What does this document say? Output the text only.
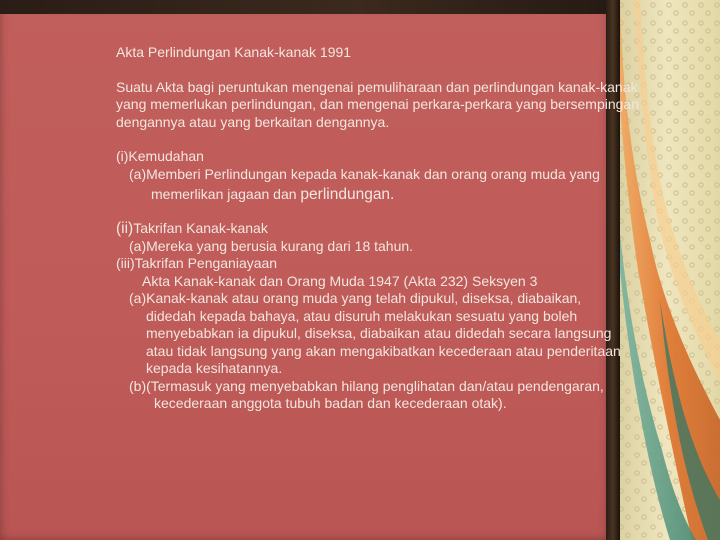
Akta Perlindungan Kanak-kanak 1991
Suatu Akta bagi peruntukan mengenai pemuliharaan dan perlindungan kanak-kanak
yang memerlukan perlindungan, dan mengenai perkara-perkara yang bersempingan
dengannya atau yang berkaitan dengannya.
(i)Kemudahan
(a)Memberi Perlindungan kepada kanak-kanak dan orang orang muda yang
memerlikan jagaan dan perlindungan.
(ii)Takrifan Kanak-kanak
(a)Mereka yang berusia kurang dari 18 tahun.
(iii)Takrifan Penganiayaan
Akta Kanak-kanak dan Orang Muda 1947 (Akta 232) Seksyen 3
(a)Kanak-kanak atau orang muda yang telah dipukul, diseksa, diabaikan,
didedah kepada bahaya, atau disuruh melakukan sesuatu yang boleh
menyebabkan ia dipukul, diseksa, diabaikan atau didedah secara langsung
atau tidak langsung yang akan mengakibatkan kecederaan atau penderitaan
kepada kesihatannya.
(b)(Termasuk yang menyebabkan hilang penglihatan dan/atau pendengaran,
kecederaan anggota tubuh badan dan kecederaan otak).
